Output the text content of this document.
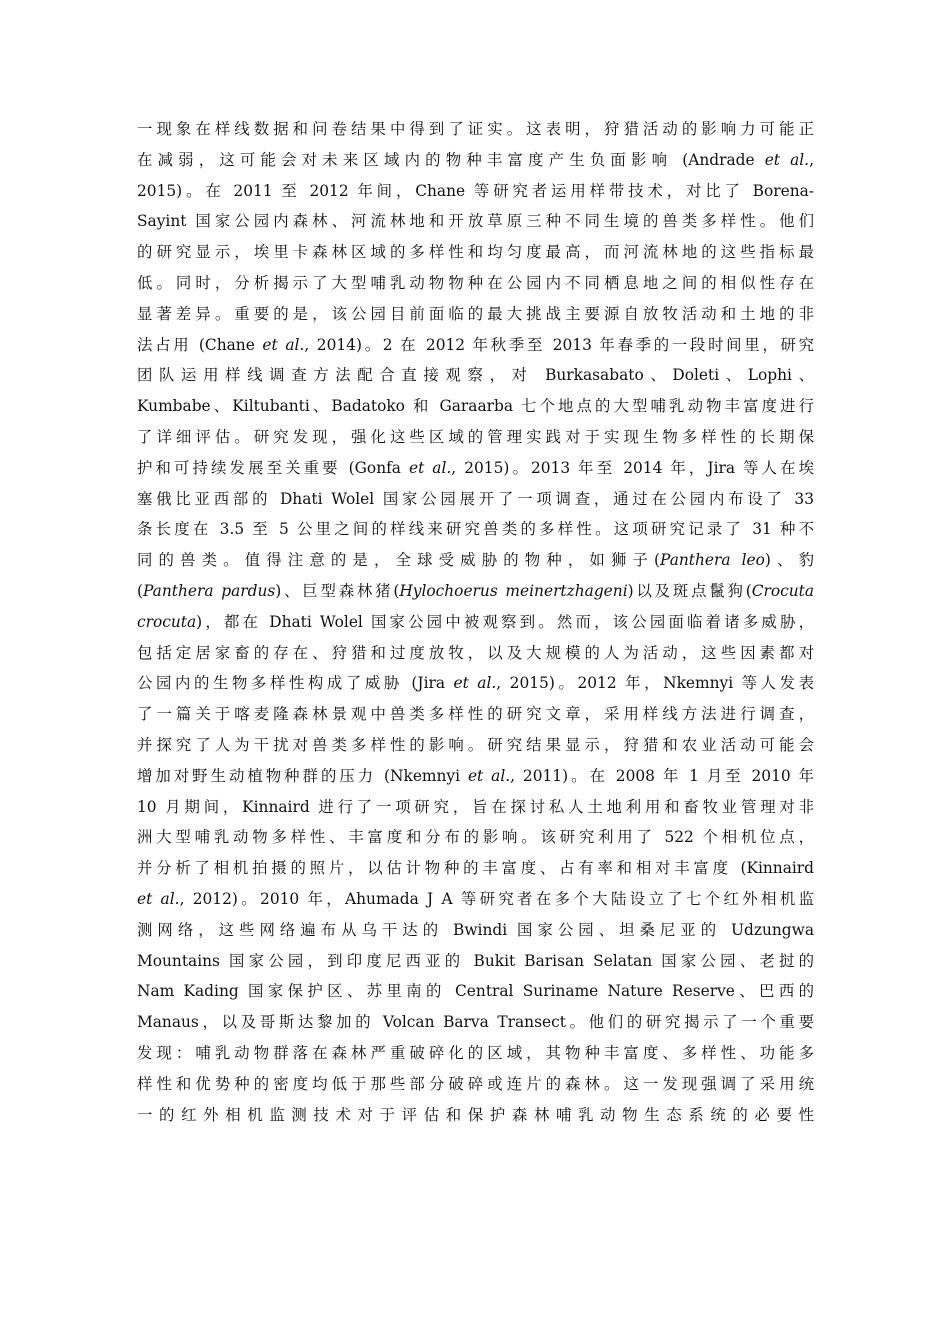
一现象在样线数据和问卷结果中得到了证实。这表明，狩猎活动的影响力可能正
在减弱，这可能会对未来区域内的物种丰富度产生负面影响 (Andrade et al.,
2015)。在 2011 至 2012 年间，Chane 等研究者运用样带技术，对比了 Borena-
Sayint 国家公园内森林、河流林地和开放草原三种不同生境的兽类多样性。他们
的研究显示，埃里卡森林区域的多样性和均匀度最高，而河流林地的这些指标最
低。同时，分析揭示了大型哺乳动物物种在公园内不同栖息地之间的相似性存在
显著差异。重要的是，该公园目前面临的最大挑战主要源自放牧活动和土地的非
法占用 (Chane et al., 2014)。2 在 2012 年秋季至 2013 年春季的一段时间里，研究
团队运用样线调查方法配合直接观察，对 Burkasabato、Doleti、Lophi、
Kumbabe、Kiltubanti、Badatoko 和 Garaarba 七个地点的大型哺乳动物丰富度进行
了详细评估。研究发现，强化这些区域的管理实践对于实现生物多样性的长期保
护和可持续发展至关重要 (Gonfa et al., 2015)。2013 年至 2014 年，Jira 等人在埃
塞俄比亚西部的 Dhati Wolel 国家公园展开了一项调查，通过在公园内布设了 33
条长度在 3.5 至 5 公里之间的样线来研究兽类的多样性。这项研究记录了 31 种不
同的兽类。值得注意的是，全球受威胁的物种，如狮子(Panthera leo)、豹
(Panthera pardus)、巨型森林猪(Hylochoerus meinertzhageni)以及斑点鬣狗(Crocuta
crocuta)，都在 Dhati Wolel 国家公园中被观察到。然而，该公园面临着诸多威胁，
包括定居家畜的存在、狩猎和过度放牧，以及大规模的人为活动，这些因素都对
公园内的生物多样性构成了威胁 (Jira et al., 2015)。2012 年，Nkemnyi 等人发表
了一篇关于喀麦隆森林景观中兽类多样性的研究文章，采用样线方法进行调查，
并探究了人为干扰对兽类多样性的影响。研究结果显示，狩猎和农业活动可能会
增加对野生动植物种群的压力 (Nkemnyi et al., 2011)。在 2008 年 1 月至 2010 年
10 月期间，Kinnaird 进行了一项研究，旨在探讨私人土地利用和畜牧业管理对非
洲大型哺乳动物多样性、丰富度和分布的影响。该研究利用了 522 个相机位点，
并分析了相机拍摄的照片，以估计物种的丰富度、占有率和相对丰富度 (Kinnaird
et al., 2012)。2010 年，Ahumada J A 等研究者在多个大陆设立了七个红外相机监
测网络，这些网络遍布从乌干达的 Bwindi 国家公园、坦桑尼亚的 Udzungwa
Mountains 国家公园，到印度尼西亚的 Bukit Barisan Selatan 国家公园、老挝的
Nam Kading 国家保护区、苏里南的 Central Suriname Nature Reserve、巴西的
Manaus，以及哥斯达黎加的 Volcan Barva Transect。他们的研究揭示了一个重要
发现：哺乳动物群落在森林严重破碎化的区域，其物种丰富度、多样性、功能多
样性和优势种的密度均低于那些部分破碎或连片的森林。这一发现强调了采用统
一的红外相机监测技术对于评估和保护森林哺乳动物生态系统的必要性
